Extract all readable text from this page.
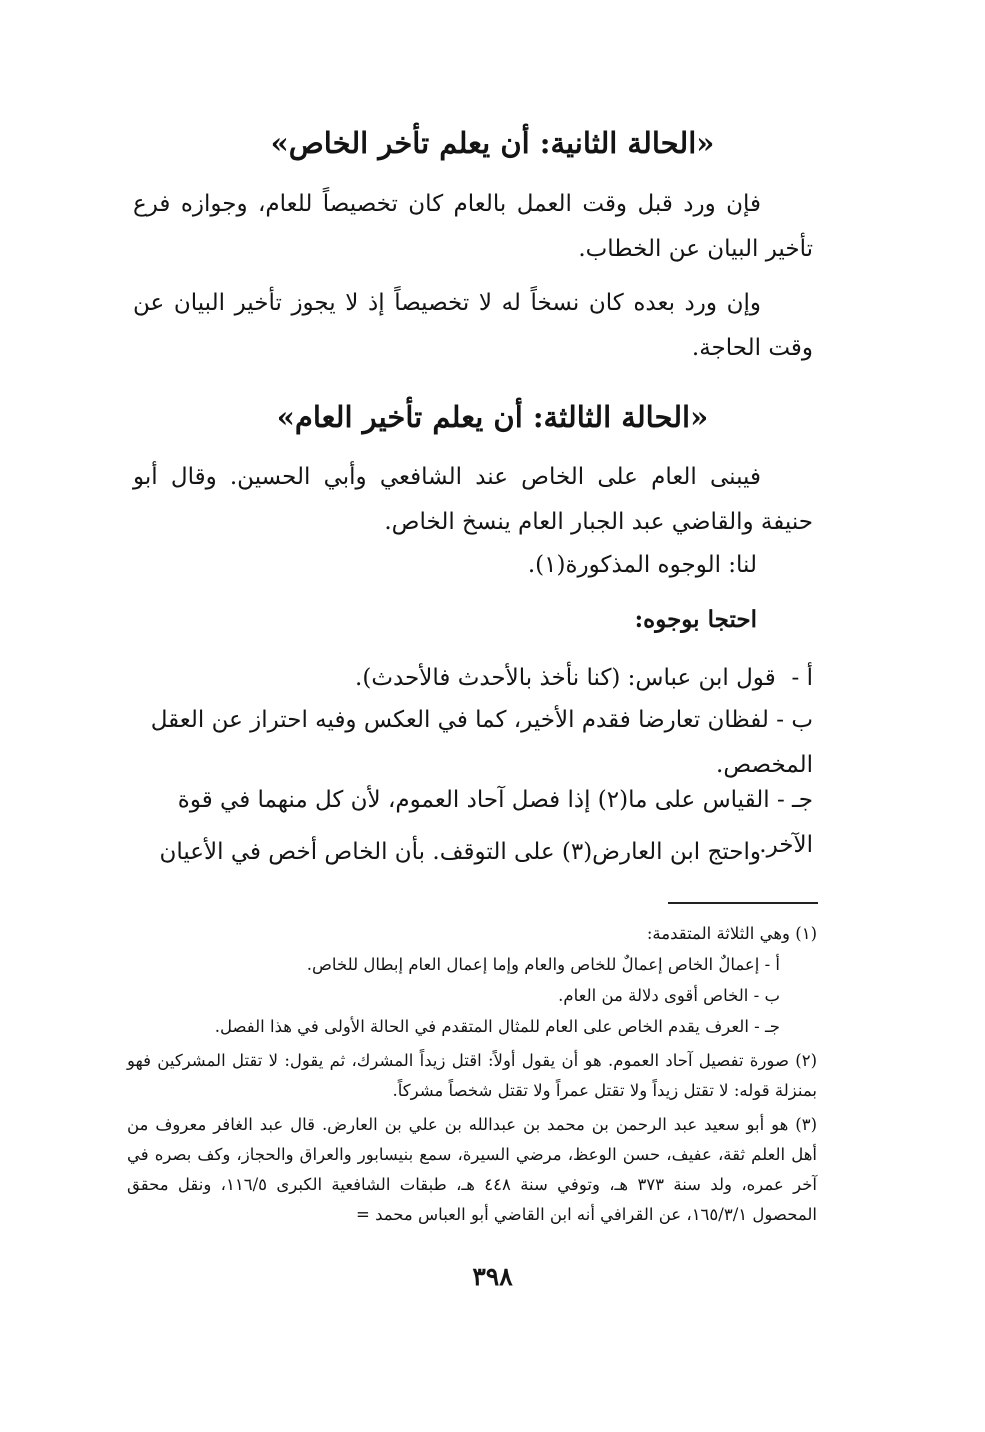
«الحالة الثانية: أن يعلم تأخر الخاص»
فإن ورد قبل وقت العمل بالعام كان تخصيصاً للعام، وجوازه فرع تأخير البيان عن الخطاب.
وإن ورد بعده كان نسخاً له لا تخصيصاً إذ لا يجوز تأخير البيان عن وقت الحاجة.
«الحالة الثالثة: أن يعلم تأخير العام»
فيبنى العام على الخاص عند الشافعي وأبي الحسين. وقال أبو حنيفة والقاضي عبد الجبار العام ينسخ الخاص.
لنا: الوجوه المذكورة(١).
احتجا بوجوه:
أ - قول ابن عباس: (كنا نأخذ بالأحدث فالأحدث).
ب - لفظان تعارضا فقدم الأخير، كما في العكس وفيه احتراز عن العقل المخصص.
جـ - القياس على ما(٢) إذا فصل آحاد العموم، لأن كل منهما في قوة الآخر.
واحتج ابن العارض(٣) على التوقف. بأن الخاص أخص في الأعيان
(١) وهي الثلاثة المتقدمة:
أ - إعمالٌ الخاص إعمالٌ للخاص والعام وإما إعمال العام إبطال للخاص.
ب - الخاص أقوى دلالة من العام.
جـ - العرف يقدم الخاص على العام للمثال المتقدم في الحالة الأولى في هذا الفصل.
(٢) صورة تفصيل آحاد العموم. هو أن يقول أولاً: اقتل زيداً المشرك، ثم يقول: لا تقتل المشركين فهو بمنزلة قوله: لا تقتل زيداً ولا تقتل عمراً ولا تقتل شخصاً مشركاً.
(٣) هو أبو سعيد عبد الرحمن بن محمد بن عبدالله بن علي بن العارض. قال عبد الغافر معروف من أهل العلم ثقة، عفيف، حسن الوعظ، مرضي السيرة، سمع بنيسابور والعراق والحجاز، وكف بصره في آخر عمره، ولد سنة ٣٧٣ هـ، وتوفي سنة ٤٤٨ هـ، طبقات الشافعية الكبرى ١١٦/٥، ونقل محقق المحصول ١٦٥/٣/١، عن القرافي أنه ابن القاضي أبو العباس محمد =
٣٩٨
